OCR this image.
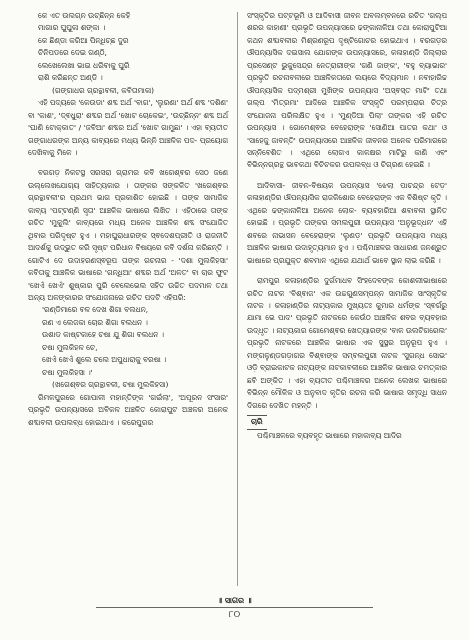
କେ ଏତ ଉଲଗ୍ନ ଉଚ୍ଛିନ୍ନ କେହି
ମାଗାର ଘୁଘୁଳା ଶଙ୍କା ।
କେ ଛିଣ୍ଡା କରିଆ ପିନ୍ଧିଚ୍ଛ ଦୁର
ଚିନିପଡରେ ଦେଇ ଗଣ୍ଠି,
ଲେଖେଲେଖା ଭାଇ ଧରିବାକୁ ଘୁରି
ରାଶି କରିଛନ୍ତ ଅଣ୍ଡି ।

(ଗଙ୍ଗାଧର ଗ୍ରନ୍ଥାବଳୀ, କବିତାମାଳା)

ଏହି ପଦ୍ୟରେ 'କେଉଡା' ଶବ୍ଦ ଅର୍ଥ 'ବାଗ', 'ଲୁରଣା' ଅର୍ଥ ଶବ୍ଦ 'ଦଶିଣ' ବା 'କାଶ', 'ଦ୍ଵଧୁରା' ଶବ୍ଦର ଅର୍ଥ 'ଖୋଟ ଚୋକେଇ', 'ଉଚ୍ଛିନ୍ନ' ଶବ୍ଦ ଅର୍ଥ 'ଘାଣି ଟୋକ୍କାତ' / 'ଜବିଆ' ଶବ୍ଦର ଅର୍ଥ 'ଖୋଟ ଗାମୁଛା' । ଏହା ବ୍ୟତୀତ ଗଙ୍ଗାଧରଙ୍କ ଅନ୍ୟ କାବ୍ୟରେ ମଧ୍ୟ ଭିନ୍ନି ଆଞ୍ଚଳିକ ପଦ- ପ୍ରୟୋଗ ଦେଖିବାକୁ ମିଳେ ।

ବରଗଡ଼ ନିକଟସ୍ଥ ସରସରା ଗ୍ରାମର କବି ଖଗେଶ୍ଵର ସେଠ ଜଣେ ଉଲ୍ଲେଖଯୋଗ୍ୟ ସାହିତ୍ୟକାର । ତାଙ୍କର ସଙ୍କଳିତ 'ଖଗେଶ୍ଵର ଗ୍ରନ୍ଥାବଳୀ'ର ପ୍ରଥମ ଭାଗ ପ୍ରକାଶିତ ହୋଇଛି । ତାଙ୍କ ସାମାଜିକ କାବ୍ୟ 'ପଟ୍ଟଣ୍ଣି ସୃତା' ଆଞ୍ଚଳିକ ଭାଷାରେ ଲିଖିତ । ଏହିଠାରେ ତାଙ୍କ ରଚିତ 'ମୁକୁଲି' କାବ୍ୟରେ ମଧ୍ୟ ଅନେକ ଆଞ୍ଚଳିକ ଶବ୍ଦ ସଂଯୋଜିତ ଥିବାର ପରିଦୃଷ୍ଟ ହୁଏ । ମହାଘୁରାଧାରଙ୍କ ସ୍ଵଦେଶପ୍ରୀତି ଓ ରାଜନୀତି ଆଦର୍ଶକୁ ଉଦ୍ଭୁତ କରି ସୃଷ୍ଟ ପରିଧାନ ବିଷୟରେ କବି ଦର୍ଶନା କରିଛନ୍ତି । ଗୋଟିଏ ଦେ ଉଦାହରଣସ୍ଵରୂପ ତାଙ୍କ ରଚନାର - 'ଦଶା ମୁଲକିହସା' କବିତାକୁ ଆଞ୍ଚଳିକ ଭାଷାରେ 'ଗନ୍ଧିଆ' ଶବ୍ଦର ଅର୍ଥ 'ଅଳତ' ବା ଚାର ଫୁଟ 'ଖେଏଁ ଖେଏଁ' ଶୁଷ୍କାର ପୁରି ବେଲେଭେଲ ସହିତ ଉଚ୍ଚିତ ପଦମାଳ ତଥା ଅନ୍ୟ ଅଳଙ୍କାରର ସଂଯୋଜନାରେ ରଚିତ ପଦଟି ଏହିପରି:

'ରଣ୍ଡିମାରେ ବଳ ଦେଖ ଶିଗା ବଲଧନ,
ରଣ ଏ ଲେଜକା ଚୋର ଶିଗା ବଲଧନ ।
ଉଶାଡ କାଷ୍ଟକାହେ ଚଷା ଯୁ ଶିଗା ବଲଧନ ।
ଚଷା ମୁଲକିହଳ ଚେ,
ଖେଏଁ ଖେଏଁ ଶୁଲେ ଚଲେ ଅପୁଧାରାକୁ ବରଷା ।
ଚଷା ମୁଲକିହସା ।'

(ଖଗେଶ୍ଵର ଗ୍ରନ୍ଥାବଳୀ, ଚଷା ମୁଲକିହସା)

ରିମଳପୁରରେ ଗୋପାଳୀ ମହାନ୍ତିଙ୍କ 'ଗଇଁଲା', 'ଅପୂରନ ସଂସାର' ପ୍ରଭୃତି ଉପନ୍ୟାସରେ ଅବିକଳ ଅଞ୍ଚଳିତ କୋରାପୁଟ ଅଞ୍ଚଳର ଅନେକ ଶବ୍ଦାବଳୀ ଉପଲବ୍ଧ ହୋଇଥାଏ । କରେପୁରର

ସଂସ୍କୃତିର ପଟ୍ଟଭୂମି ଓ ଆଦିବାସୀ ଜୀବନ ଅବଲମ୍ବନରେ ରଚିତ 'ଗଲ୍ପ ଶରର କାହାଣୀ' ପ୍ରଭୃତି ଉପନ୍ୟାସରେ ଢଙ୍କାନାଳିଆ ତଥା କୋରାପୁଟିଆ କଥନ ଶବ୍ଦାବଳୀର ମିଶ୍ରଣରୂପ ଦୃଷ୍ଟିଗୋଚର ହୋଇଥାଏ । ବରଗଡ଼ର ଔପନ୍ୟାସିକ ଦଇସାଲ ଯୋଗଙ୍କ ଉପନ୍ୟାସରେ, କଳାହାଣ୍ଡି ଜିଲ୍ଲାର ପ୍ରସେଣ୍ଟ ଭୁକୁସେନ୍ଦ୍ର ନେତ୍ରାରୀଙ୍କ 'ଗଣି ଜାଙ୍କ', 'ବହୁ ବ୍ୟାଭାର' ପ୍ରଭୃତି ରଚନାବଳୀରେ ଆଞ୍ଚଳିକତାରେ ଲୟରେ ବିଦ୍ୟମାନ । ନବାହାରିଚ୍ଚ ଔପନ୍ୟାସିକ ପଦ୍ମଶ୍ରୀ ମୁଖିଙ୍କ ଉପନ୍ୟାସ 'ଅସ୍ଵସ୍ତ ମାଟି' ତଥା ଗଲ୍ପ 'ମିତ୍ରମା' ଆଦିରେ ଆଞ୍ଚଳିକ ସଂସ୍କୃତି ପରମ୍ପରାର ଚିତ୍ର ସଂଯୋଜନା ପରିଲକ୍ଷିତ ହୁଏ । 'ମୁଣ୍ଡିଆ ପିଲା' ତାଙ୍କର ଏହି ରଚିତ ଉପନ୍ୟାସ । ଗୋମେଶ୍ଵର ବେହେରାଙ୍କ 'ସୋଣିଆ ପାତର କଥା' ଓ 'ସାହେଜୁ ଜାବନ୍ତି' ଉପନ୍ୟାସରେ ଆଞ୍ଚଳିକ ଜୀବନର ଅନେକ ପରିମାରରେ ସନ୍ନିବେଶିତ । ଏଥିରେ ଲୋଗଏ କାଳକ୍ଷର ମାଟିରୁ କାଣି ଏବଂ ବିଭିନ୍ନଗ୍ରନ୍ଥ ଭାବକଥା ବିଚିଚକର ଉପଲବ୍ଧ ଓ ଚିଗ୍ରଣ ହେଇଛି ।

ଆଦିବାସୀ- ଜୀବନ-ବିଷୟକ ଉପନ୍ୟାସ 'ଝେଲା ପାଚନ୍ଦ୍ର ଟେଡ଼' କଳାହାଣ୍ଡିର ଔପନ୍ୟାସିକ ରାଜକିଶୋର ବେହେରାଙ୍କ ଏକ ବିଶିଷ୍ଟ କୃତି । ଏଥିରେ ଢଙ୍କାନାଳିଆ ଅନେକ ଲୋକ- ବ୍ୟବହାରିଆ ଶବାବଳୀ ସ୍ଥାନିତ ହୋଇଛି । ପ୍ରଭୃତି ତାଙ୍କର ସମଲପୁରୀ ଉପନ୍ୟାସ 'ଅନୁଭୂଦ୍ଧନ' ଏହି ଶବରେ ନାଭାସନ ବେହେରାଙ୍କ 'ଲୁଣଡ଼' ପ୍ରଭୃତି ଉପନ୍ୟାସ ମଧ୍ୟ ଆଞ୍ଚଳିକ ଭାଷାର ଉଦାହୃତ୍ୟମାନ ହୁଏ । ପଶ୍ଚିମାଞ୍ଚଳର ସାଧାରଣ ଜନଶ୍ରୁତ ଭାଷାରେ ପ୍ରଯୁକ୍ତ ଶବମାନ ଏଥିରେ ଯଥାର୍ଥ ଭାବେ ସ୍ଥାନ ଲାଭ କରିଛି ।

ରାମପୁର କଳାହାଣ୍ଡିର ଦୁର୍ଗମାଧବ ସିଂହଦେବଙ୍କ କୋଶଲୀଭାଷାରେ ରଚିତ ନାଟକ 'ବିଶ୍ଵାଜ' ଏକ ଉଚ୍ଚଗୁଣସମ୍ପନ୍ନ ସାମାଜିକ ସାଂସ୍କୃତିକ ନାଟକ । କଳାହାଣ୍ଡିର ନାଟ୍ୟକାର ମୁଖ୍ୟତଃ କୁମାର ଧର୍ମଙ୍କ 'ସ୍ଵର୍ଗରୁ ଯାମା ଭେ ପାଦ' ପ୍ରଭୃତି ନାଟକରେ କେଉଁଠ ଆଞ୍ଚଳିକ ଶବର ବ୍ୟବହାର ଉଦ୍ଧୃତ । ନାଟ୍ୟକାର ଗୋମେଶ୍ଵର ଖେତ୍ୟାରଙ୍କ 'ବାଳ ଉଲଟିଗରେଲ' ପ୍ରଭୃତି ନାଟକରେ ଆଞ୍ଚଳିକ ଭାଷାର ଏକ ସୁସ୍ଥର ଅନୁରୂପ ହୁଏ । ମଙ୍ଗଳୁଣ୍ଡଗଡ଼ାଗର ବିଶ୍ଵାଙ୍କ ସମ୍ବଲପୁରୀ ନାଟକ 'ସୁଗନ୍ଧ ସୋଭ' ଓଡ଼ି ବ୍ରାଇକାଟକ ନାଟ୍ୟଙ୍କ ନାଟକାବଳୀରେ ଆଞ୍ଚଳିକ ଭାଷାର ଚମତ୍କାର ଛବି ଅଙ୍କିତ । ଏହା ବ୍ୟତୀତ ପଶ୍ଚିମାଞ୍ଚଳର ଅନେକ ଲେଖକ ଭାଷାରେ ବିଭିନ୍ନ ମୌଳିକ ଓ ଅନୁବାଦ କୃତିର ରଚନା କରି ଭାଷାର ସମୃଦ୍ଧି ସାଧନ ଦିଗରେ ଦେଖିତ ମହନ୍ତି ।

ଚାରି

ପଶ୍ଚିମାଞ୍ଚଳରେ ବ୍ୟବହୃତ ଭାଷାରେ ମହାକାବ୍ୟ ଆଦିର

॥ ସାଗର ॥
୮୦
